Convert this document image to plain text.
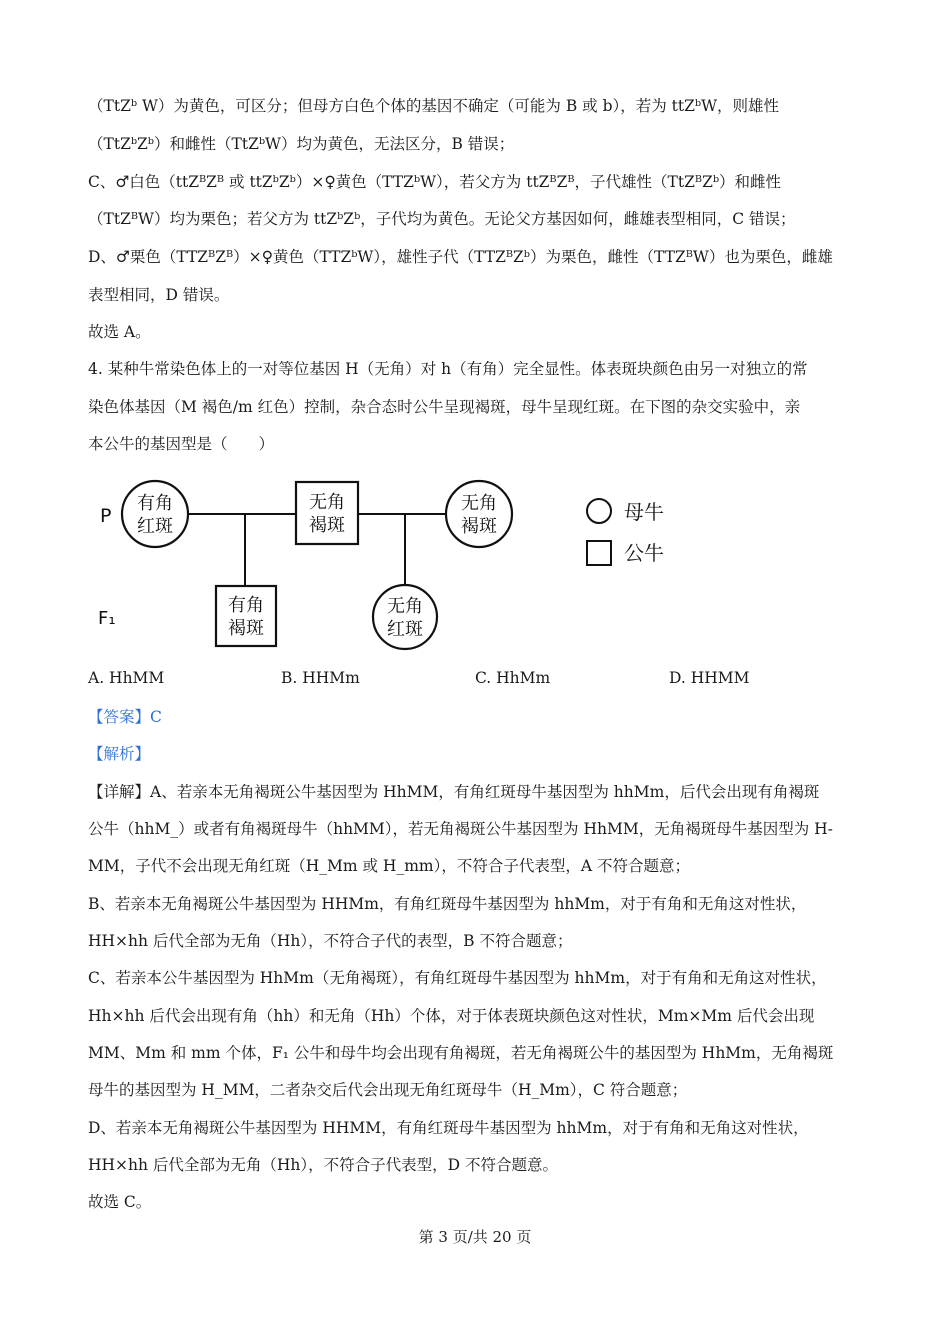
（TtZᵇ W）为黄色，可区分；但母方白色个体的基因不确定（可能为 B 或 b），若为 ttZᵇW，则雄性
（TtZᵇZᵇ）和雌性（TtZᵇW）均为黄色，无法区分，B 错误；
C、♂白色（ttZᴮZᴮ 或 ttZᵇZᵇ）×♀黄色（TTZᵇW），若父方为 ttZᴮZᴮ，子代雄性（TtZᴮZᵇ）和雌性
（TtZᴮW）均为栗色；若父方为 ttZᵇZᵇ，子代均为黄色。无论父方基因如何，雌雄表型相同，C 错误；
D、♂栗色（TTZᴮZᴮ）×♀黄色（TTZᵇW），雄性子代（TTZᴮZᵇ）为栗色，雌性（TTZᴮW）也为栗色，雌雄
表型相同，D 错误。
故选 A。
4. 某种牛常染色体上的一对等位基因 H（无角）对 h（有角）完全显性。体表斑块颜色由另一对独立的常
染色体基因（M 褐色/m 红色）控制，杂合态时公牛呈现褐斑，母牛呈现红斑。在下图的杂交实验中，亲
本公牛的基因型是（　　）
P
F₁
有角
红斑
无角
褐斑
无角
褐斑
有角
褐斑
无角
红斑
母牛
公牛
A. HhMM	B. HHMm	C. HhMm	D. HHMM
【答案】C
【解析】
【详解】A、若亲本无角褐斑公牛基因型为 HhMM，有角红斑母牛基因型为 hhMm，后代会出现有角褐斑
公牛（hhM_）或者有角褐斑母牛（hhMM），若无角褐斑公牛基因型为 HhMM，无角褐斑母牛基因型为 H-
MM，子代不会出现无角红斑（H_Mm 或 H_mm），不符合子代表型，A 不符合题意；
B、若亲本无角褐斑公牛基因型为 HHMm，有角红斑母牛基因型为 hhMm，对于有角和无角这对性状，
HH×hh 后代全部为无角（Hh），不符合子代的表型，B 不符合题意；
C、若亲本公牛基因型为 HhMm（无角褐斑），有角红斑母牛基因型为 hhMm，对于有角和无角这对性状，
Hh×hh 后代会出现有角（hh）和无角（Hh）个体，对于体表斑块颜色这对性状，Mm×Mm 后代会出现
MM、Mm 和 mm 个体，F₁ 公牛和母牛均会出现有角褐斑，若无角褐斑公牛的基因型为 HhMm，无角褐斑
母牛的基因型为 H_MM，二者杂交后代会出现无角红斑母牛（H_Mm），C 符合题意；
D、若亲本无角褐斑公牛基因型为 HHMM，有角红斑母牛基因型为 hhMm，对于有角和无角这对性状，
HH×hh 后代全部为无角（Hh），不符合子代表型，D 不符合题意。
故选 C。
第 3 页/共 20 页
